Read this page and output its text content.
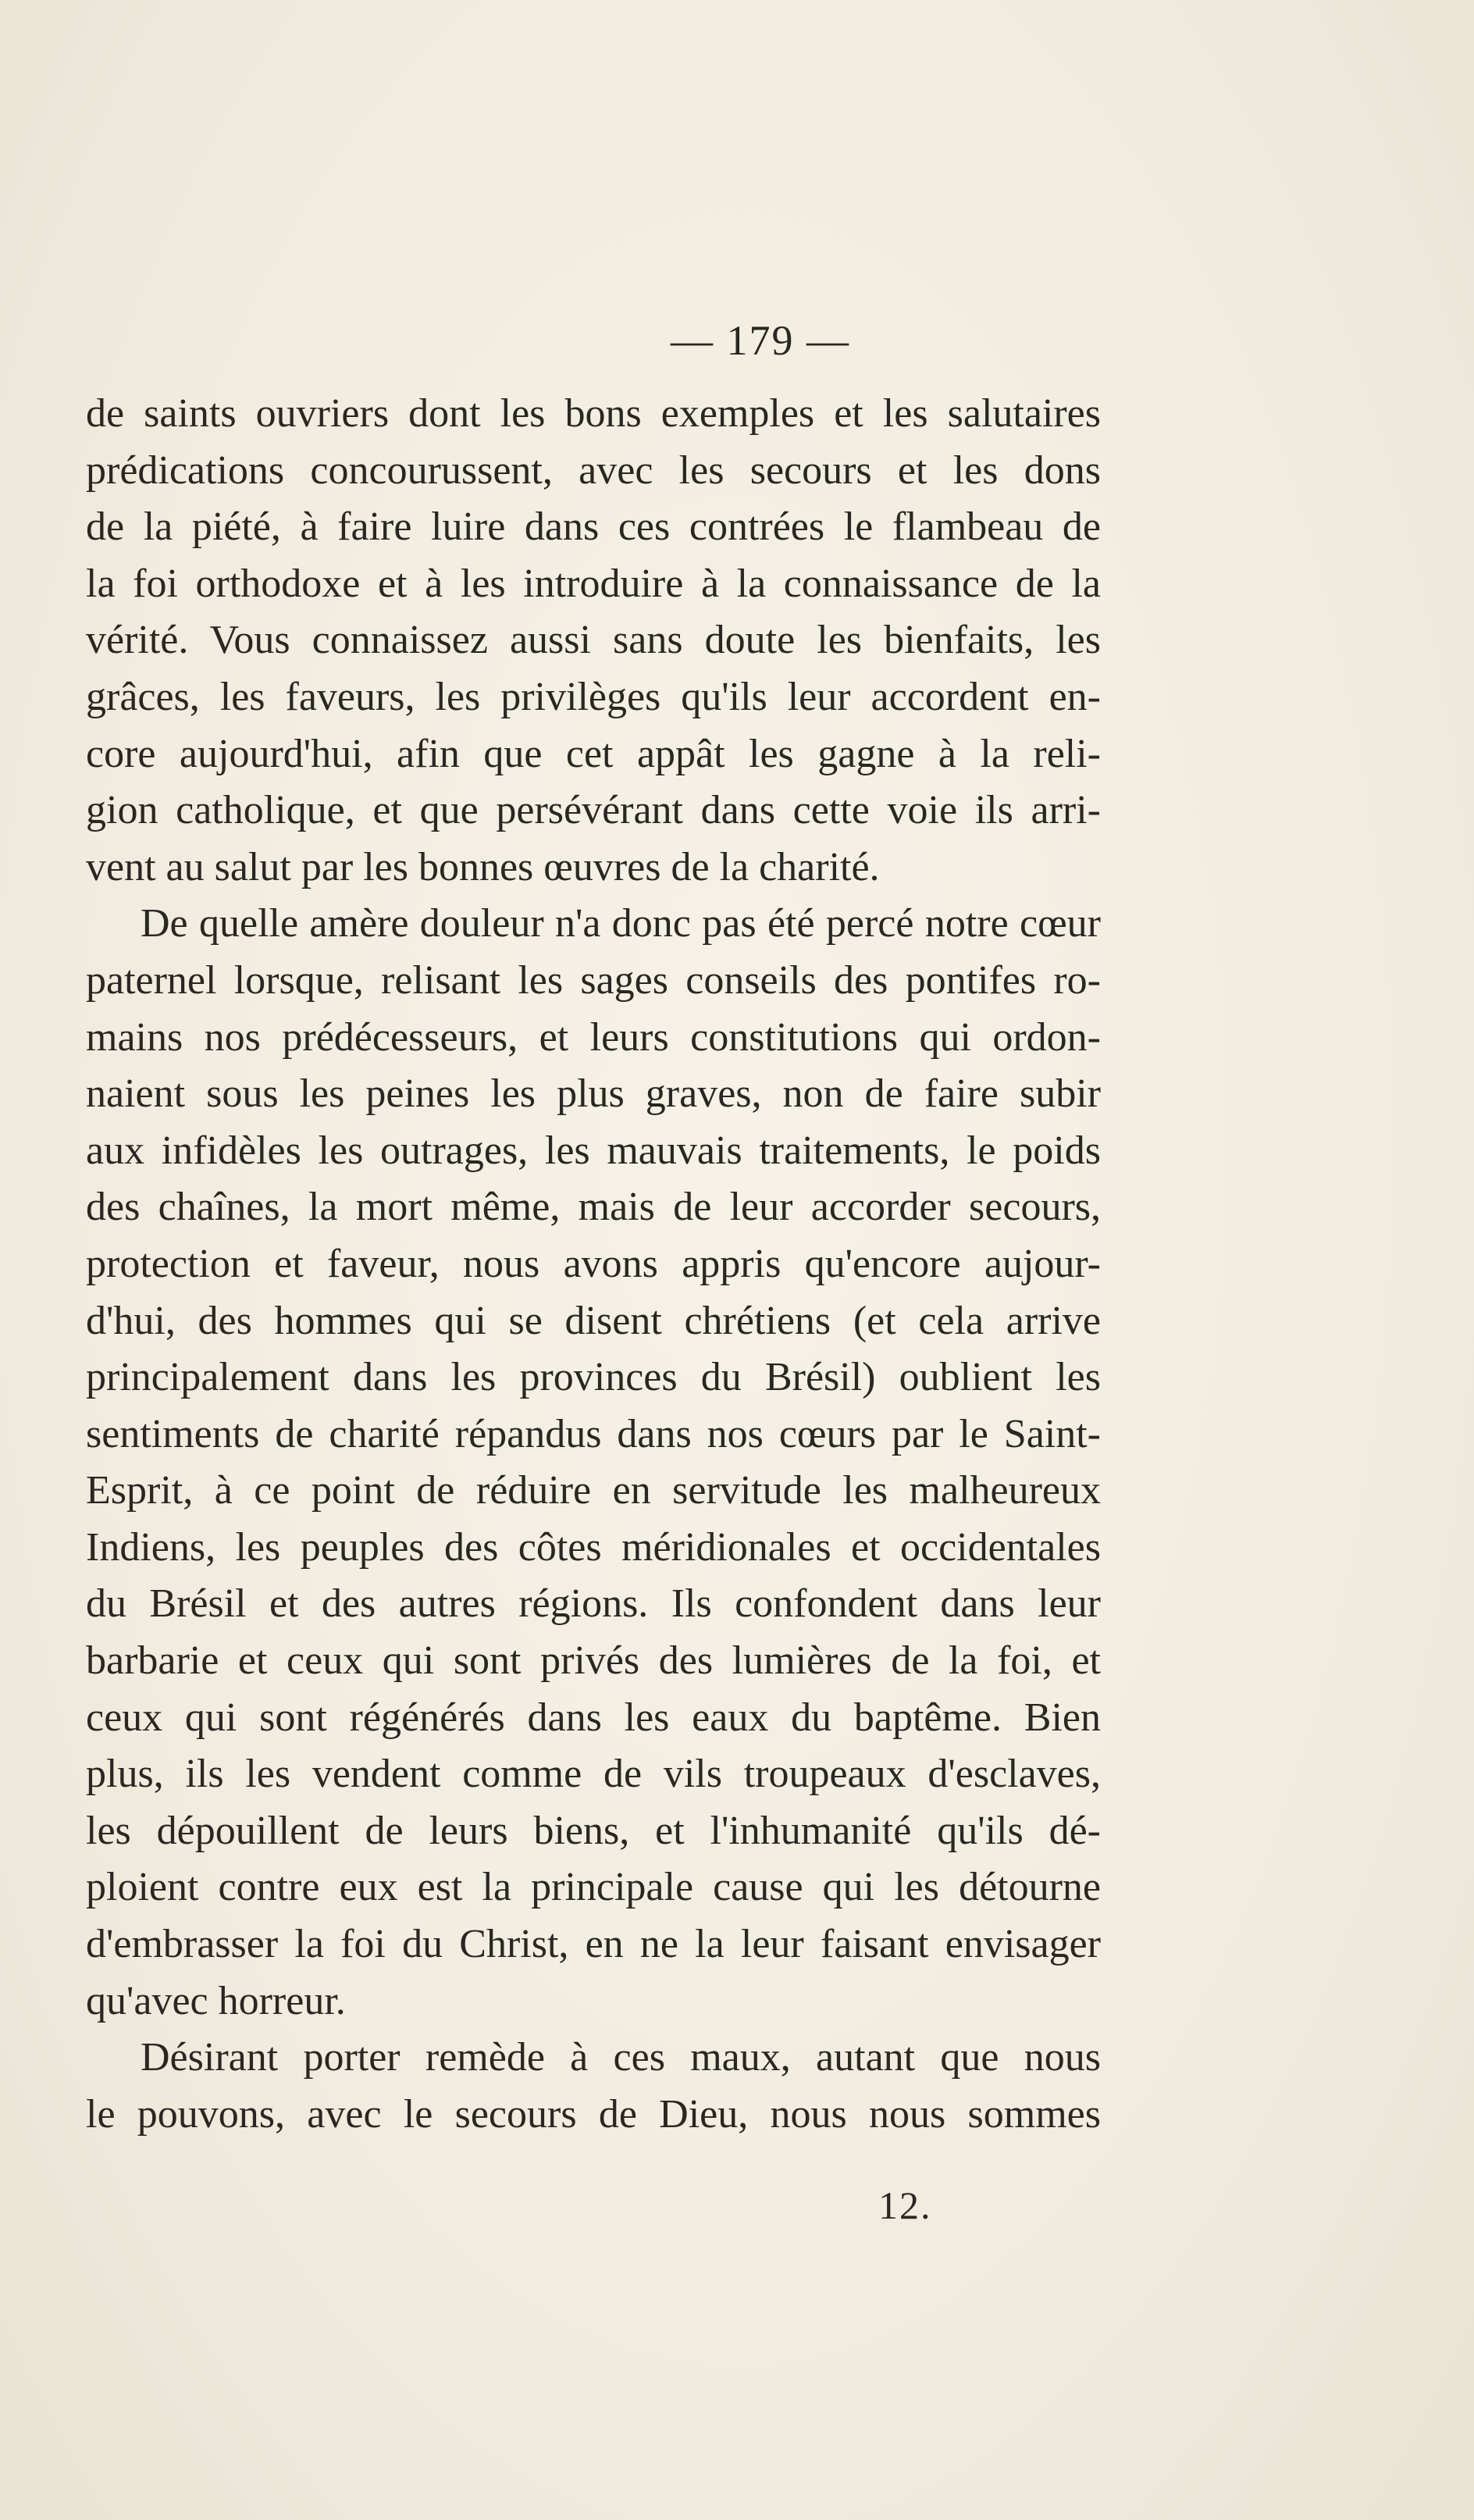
— 179 —
de saints ouvriers dont les bons exemples et les salutaires
prédications concourussent, avec les secours et les dons
de la piété, à faire luire dans ces contrées le flambeau de
la foi orthodoxe et à les introduire à la connaissance de la
vérité. Vous connaissez aussi sans doute les bienfaits, les
grâces, les faveurs, les privilèges qu'ils leur accordent en-
core aujourd'hui, afin que cet appât les gagne à la reli-
gion catholique, et que persévérant dans cette voie ils arri-
vent au salut par les bonnes œuvres de la charité.
De quelle amère douleur n'a donc pas été percé notre cœur
paternel lorsque, relisant les sages conseils des pontifes ro-
mains nos prédécesseurs, et leurs constitutions qui ordon-
naient sous les peines les plus graves, non de faire subir
aux infidèles les outrages, les mauvais traitements, le poids
des chaînes, la mort même, mais de leur accorder secours,
protection et faveur, nous avons appris qu'encore aujour-
d'hui, des hommes qui se disent chrétiens (et cela arrive
principalement dans les provinces du Brésil) oublient les
sentiments de charité répandus dans nos cœurs par le Saint-
Esprit, à ce point de réduire en servitude les malheureux
Indiens, les peuples des côtes méridionales et occidentales
du Brésil et des autres régions. Ils confondent dans leur
barbarie et ceux qui sont privés des lumières de la foi, et
ceux qui sont régénérés dans les eaux du baptême. Bien
plus, ils les vendent comme de vils troupeaux d'esclaves,
les dépouillent de leurs biens, et l'inhumanité qu'ils dé-
ploient contre eux est la principale cause qui les détourne
d'embrasser la foi du Christ, en ne la leur faisant envisager
qu'avec horreur.
Désirant porter remède à ces maux, autant que nous
le pouvons, avec le secours de Dieu, nous nous sommes
12.
